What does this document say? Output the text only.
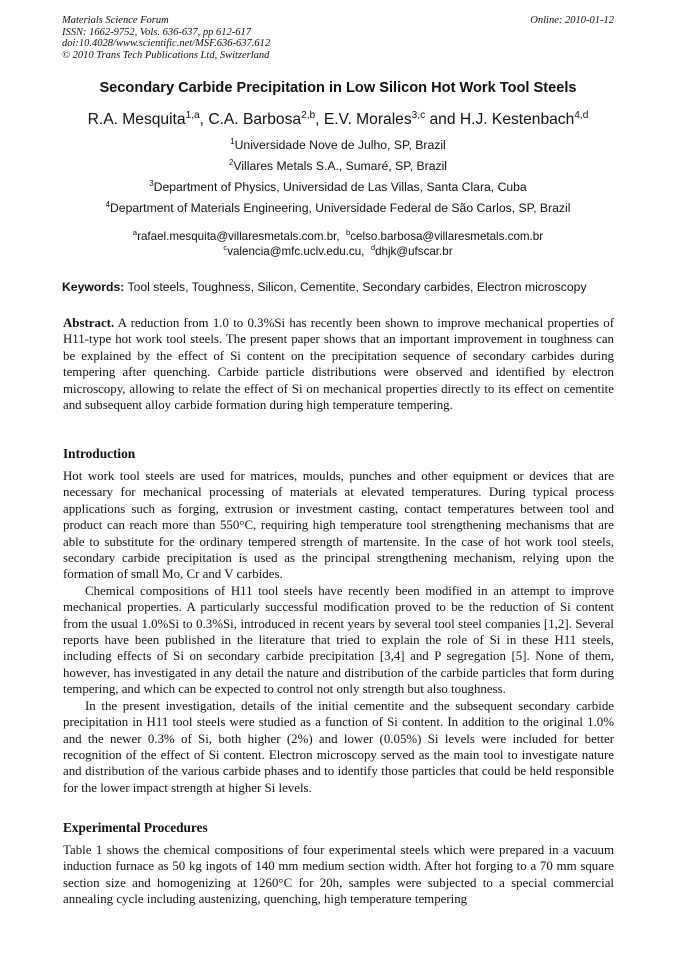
Materials Science Forum
ISSN: 1662-9752, Vols. 636-637, pp 612-617
doi:10.4028/www.scientific.net/MSF.636-637.612
© 2010 Trans Tech Publications Ltd, Switzerland
Online: 2010-01-12
Secondary Carbide Precipitation in Low Silicon Hot Work Tool Steels
R.A. Mesquita$^{1,a}$, C.A. Barbosa$^{2,b}$, E.V. Morales$^{3,c}$ and H.J. Kestenbach$^{4,d}$
$^1$Universidade Nove de Julho, SP, Brazil
$^2$Villares Metals S.A., Sumaré, SP, Brazil
$^3$Department of Physics, Universidad de Las Villas, Santa Clara, Cuba
$^4$Department of Materials Engineering, Universidade Federal de São Carlos, SP, Brazil
$^a$rafael.mesquita@villaresmetals.com.br, $^b$celso.barbosa@villaresmetals.com.br
$^c$valencia@mfc.uclv.edu.cu, $^d$dhjk@ufscar.br
Keywords: Tool steels, Toughness, Silicon, Cementite, Secondary carbides, Electron microscopy
Abstract. A reduction from 1.0 to 0.3%Si has recently been shown to improve mechanical properties of H11-type hot work tool steels. The present paper shows that an important improvement in toughness can be explained by the effect of Si content on the precipitation sequence of secondary carbides during tempering after quenching. Carbide particle distributions were observed and identified by electron microscopy, allowing to relate the effect of Si on mechanical properties directly to its effect on cementite and subsequent alloy carbide formation during high temperature tempering.
Introduction
Hot work tool steels are used for matrices, moulds, punches and other equipment or devices that are necessary for mechanical processing of materials at elevated temperatures. During typical process applications such as forging, extrusion or investment casting, contact temperatures between tool and product can reach more than 550°C, requiring high temperature tool strengthening mechanisms that are able to substitute for the ordinary tempered strength of martensite. In the case of hot work tool steels, secondary carbide precipitation is used as the principal strengthening mechanism, relying upon the formation of small Mo, Cr and V carbides.
Chemical compositions of H11 tool steels have recently been modified in an attempt to improve mechanical properties. A particularly successful modification proved to be the reduction of Si content from the usual 1.0%Si to 0.3%Si, introduced in recent years by several tool steel companies [1,2]. Several reports have been published in the literature that tried to explain the role of Si in these H11 steels, including effects of Si on secondary carbide precipitation [3,4] and P segregation [5]. None of them, however, has investigated in any detail the nature and distribution of the carbide particles that form during tempering, and which can be expected to control not only strength but also toughness.
In the present investigation, details of the initial cementite and the subsequent secondary carbide precipitation in H11 tool steels were studied as a function of Si content. In addition to the original 1.0% and the newer 0.3% of Si, both higher (2%) and lower (0.05%) Si levels were included for better recognition of the effect of Si content. Electron microscopy served as the main tool to investigate nature and distribution of the various carbide phases and to identify those particles that could be held responsible for the lower impact strength at higher Si levels.
Experimental Procedures
Table 1 shows the chemical compositions of four experimental steels which were prepared in a vacuum induction furnace as 50 kg ingots of 140 mm medium section width. After hot forging to a 70 mm square section size and homogenizing at 1260°C for 20h, samples were subjected to a special commercial annealing cycle including austenizing, quenching, high temperature tempering
